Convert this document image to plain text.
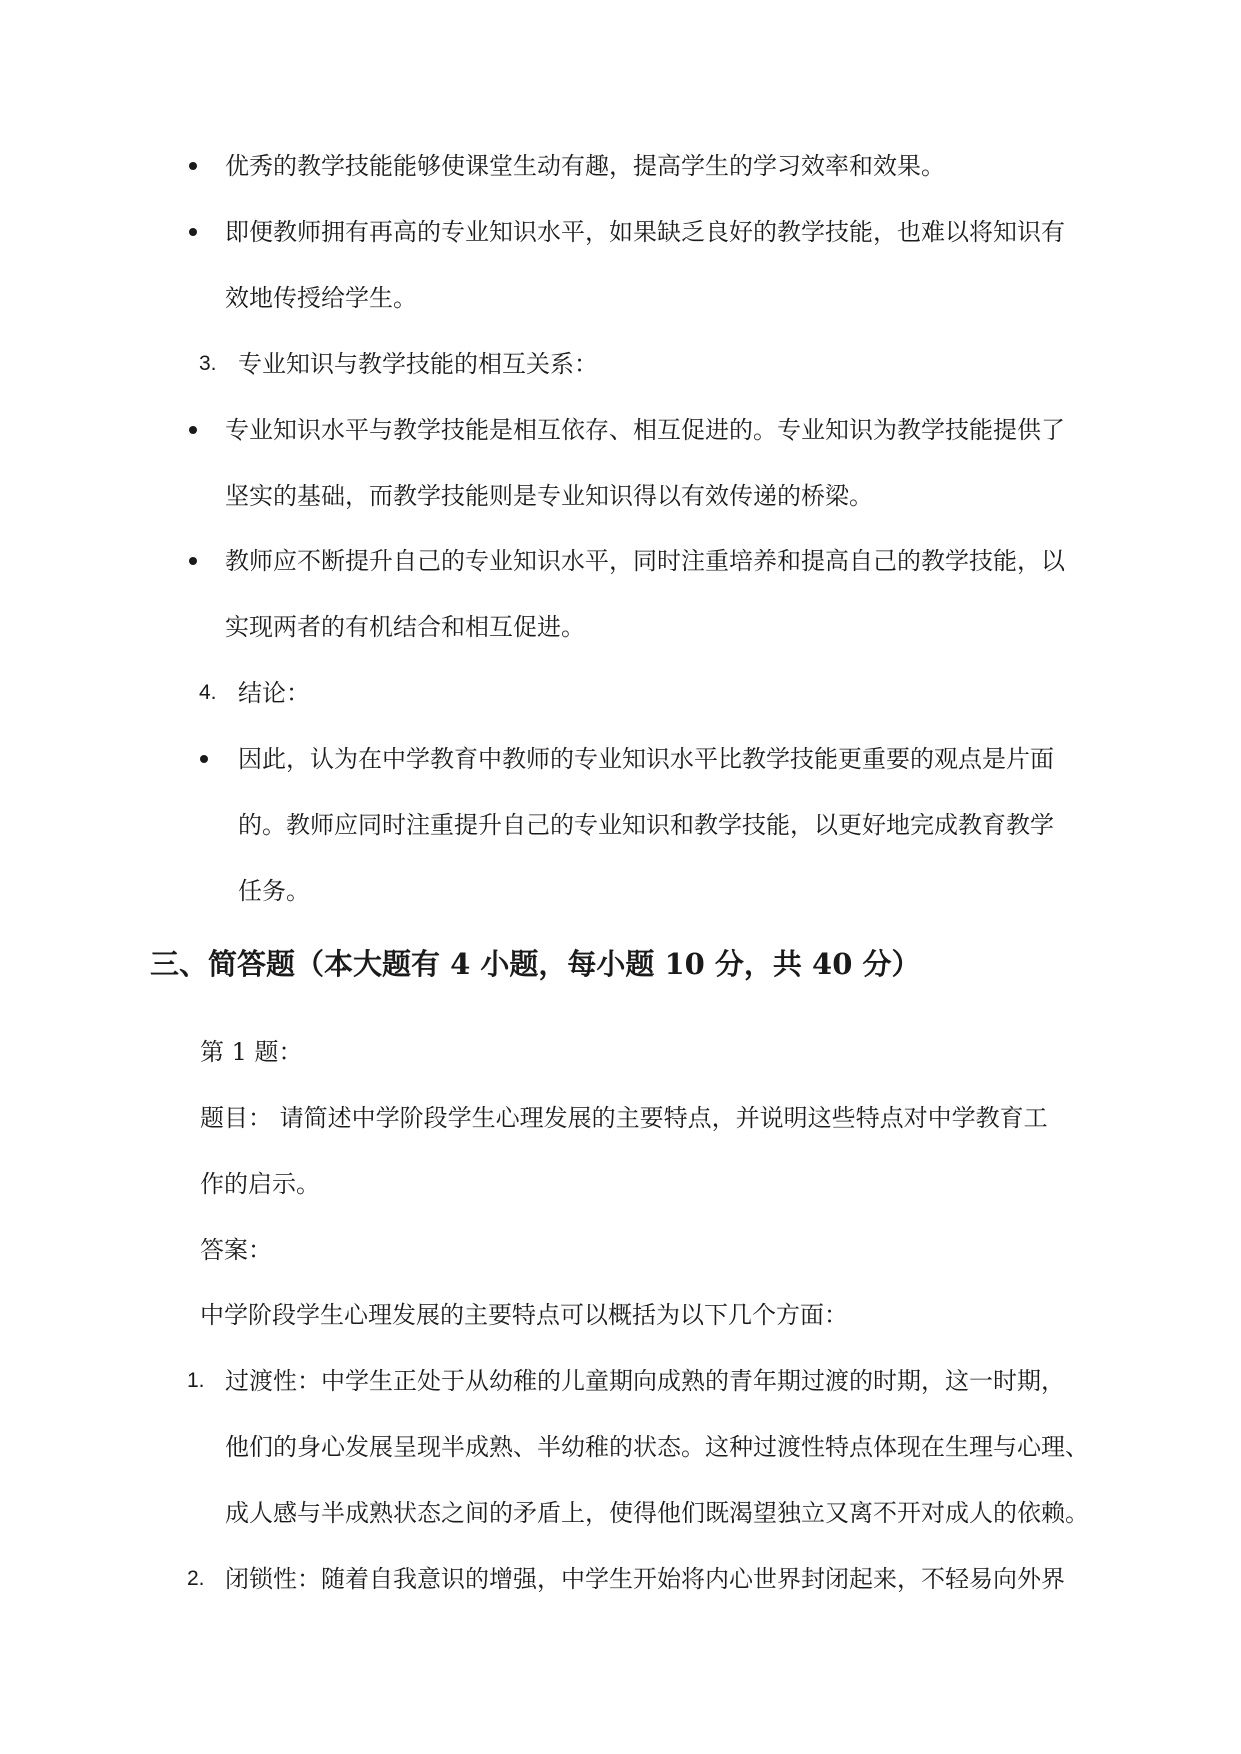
优秀的教学技能能够使课堂生动有趣，提高学生的学习效率和效果。
即便教师拥有再高的专业知识水平，如果缺乏良好的教学技能，也难以将知识有
效地传授给学生。
3. 专业知识与教学技能的相互关系：
专业知识水平与教学技能是相互依存、相互促进的。专业知识为教学技能提供了
坚实的基础，而教学技能则是专业知识得以有效传递的桥梁。
教师应不断提升自己的专业知识水平，同时注重培养和提高自己的教学技能，以
实现两者的有机结合和相互促进。
4. 结论：
因此，认为在中学教育中教师的专业知识水平比教学技能更重要的观点是片面
的。教师应同时注重提升自己的专业知识和教学技能，以更好地完成教育教学
任务。
三、简答题（本大题有 4 小题，每小题 10 分，共 40 分）
第 1 题：
题目： 请简述中学阶段学生心理发展的主要特点，并说明这些特点对中学教育工
作的启示。
答案：
中学阶段学生心理发展的主要特点可以概括为以下几个方面：
1. 过渡性：中学生正处于从幼稚的儿童期向成熟的青年期过渡的时期，这一时期，
他们的身心发展呈现半成熟、半幼稚的状态。这种过渡性特点体现在生理与心理、
成人感与半成熟状态之间的矛盾上，使得他们既渴望独立又离不开对成人的依赖。
2. 闭锁性：随着自我意识的增强，中学生开始将内心世界封闭起来，不轻易向外界
